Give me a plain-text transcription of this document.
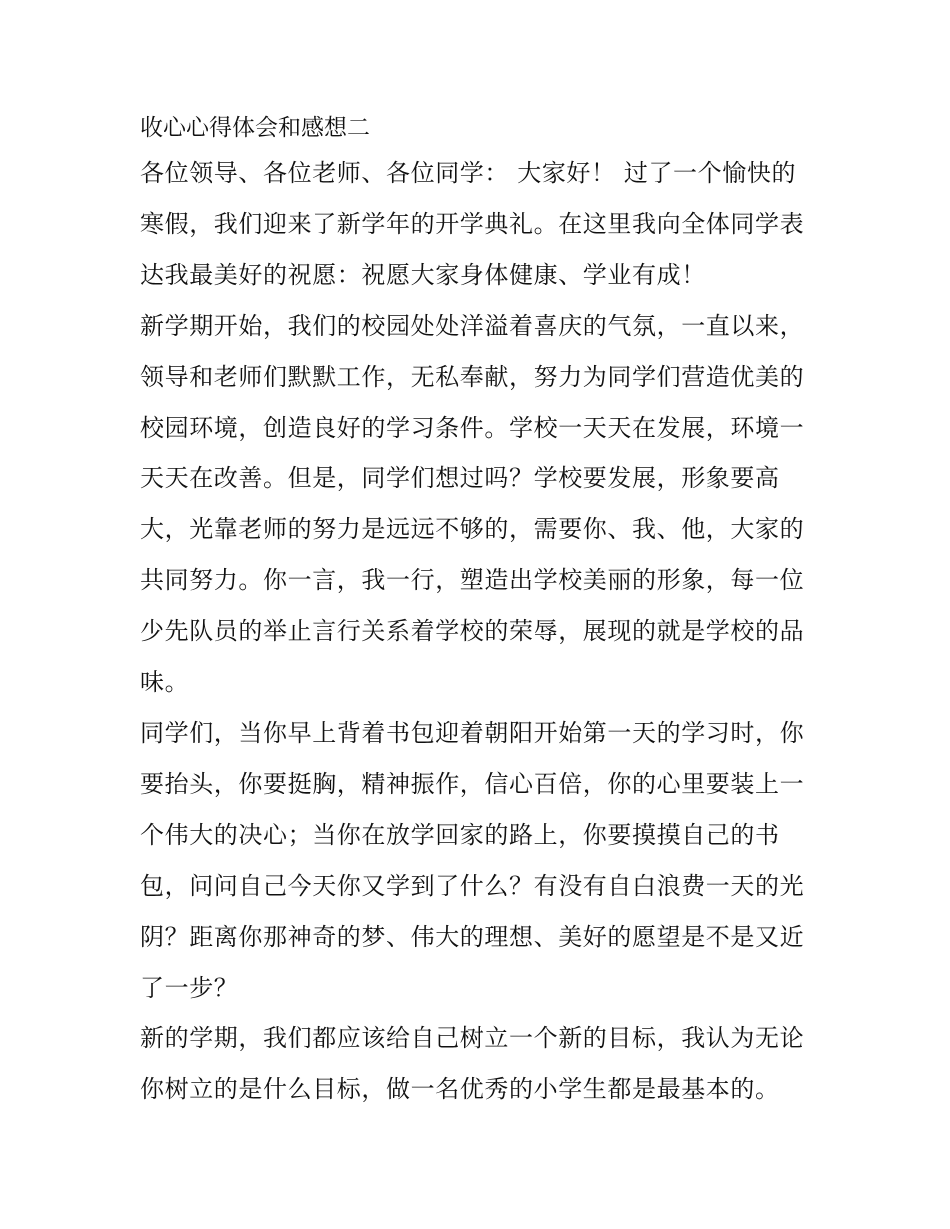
收心心得体会和感想二

各位领导、各位老师、各位同学： 大家好！ 过了一个愉快的

寒假，我们迎来了新学年的开学典礼。在这里我向全体同学表

达我最美好的祝愿：祝愿大家身体健康、学业有成！

新学期开始，我们的校园处处洋溢着喜庆的气氛，一直以来，

领导和老师们默默工作，无私奉献，努力为同学们营造优美的

校园环境，创造良好的学习条件。学校一天天在发展，环境一

天天在改善。但是，同学们想过吗？学校要发展，形象要高

大，光靠老师的努力是远远不够的，需要你、我、他，大家的

共同努力。你一言，我一行，塑造出学校美丽的形象，每一位

少先队员的举止言行关系着学校的荣辱，展现的就是学校的品

味。

同学们，当你早上背着书包迎着朝阳开始第一天的学习时，你

要抬头，你要挺胸，精神振作，信心百倍，你的心里要装上一

个伟大的决心；当你在放学回家的路上，你要摸摸自己的书

包，问问自己今天你又学到了什么？有没有自白浪费一天的光

阴？距离你那神奇的梦、伟大的理想、美好的愿望是不是又近

了一步？

新的学期，我们都应该给自己树立一个新的目标，我认为无论

你树立的是什么目标，做一名优秀的小学生都是最基本的。
